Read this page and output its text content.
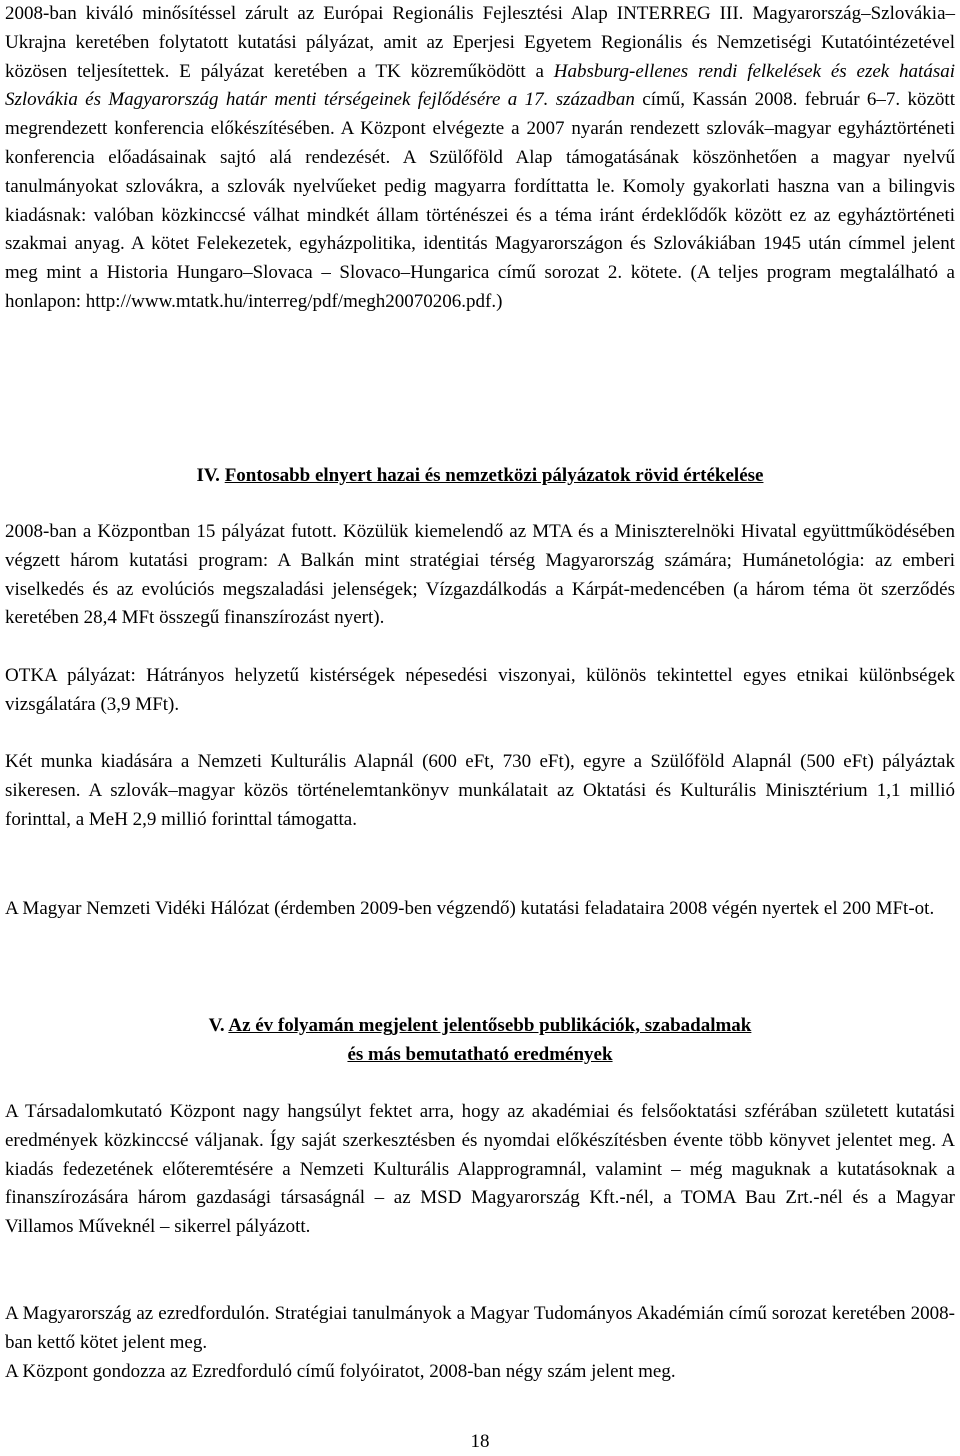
2008-ban kiváló minősítéssel zárult az Európai Regionális Fejlesztési Alap INTERREG III. Magyarország–Szlovákia–Ukrajna keretében folytatott kutatási pályázat, amit az Eperjesi Egyetem Regionális és Nemzetiségi Kutatóintézetével közösen teljesítettek. E pályázat keretében a TK közreműködött a Habsburg-ellenes rendi felkelések és ezek hatásai Szlovákia és Magyarország határ menti térségeinek fejlődésére a 17. században című, Kassán 2008. február 6–7. között megrendezett konferencia előkészítésében. A Központ elvégezte a 2007 nyarán rendezett szlovák–magyar egyháztörténeti konferencia előadásainak sajtó alá rendezését. A Szülőföld Alap támogatásának köszönhetően a magyar nyelvű tanulmányokat szlovákra, a szlovák nyelvűeket pedig magyarra fordíttatta le. Komoly gyakorlati haszna van a bilingvis kiadásnak: valóban közkinccsé válhat mindkét állam történészei és a téma iránt érdeklődők között ez az egyháztörténeti szakmai anyag. A kötet Felekezetek, egyházpolitika, identitás Magyarországon és Szlovákiában 1945 után címmel jelent meg mint a Historia Hungaro–Slovaca – Slovaco–Hungarica című sorozat 2. kötete. (A teljes program megtalálható a honlapon: http://www.mtatk.hu/interreg/pdf/megh20070206.pdf.)

IV. Fontosabb elnyert hazai és nemzetközi pályázatok rövid értékelése

2008-ban a Központban 15 pályázat futott. Közülük kiemelendő az MTA és a Miniszterelnöki Hivatal együttműködésében végzett három kutatási program: A Balkán mint stratégiai térség Magyarország számára; Humánetológia: az emberi viselkedés és az evolúciós megszaladási jelenségek; Vízgazdálkodás a Kárpát-medencében (a három téma öt szerződés keretében 28,4 MFt összegű finanszírozást nyert).

OTKA pályázat: Hátrányos helyzetű kistérségek népesedési viszonyai, különös tekintettel egyes etnikai különbségek vizsgálatára (3,9 MFt).

Két munka kiadására a Nemzeti Kulturális Alapnál (600 eFt, 730 eFt), egyre a Szülőföld Alapnál (500 eFt) pályáztak sikeresen. A szlovák–magyar közös történelemtankönyv munkálatait az Oktatási és Kulturális Minisztérium 1,1 millió forinttal, a MeH 2,9 millió forinttal támogatta.

A Magyar Nemzeti Vidéki Hálózat (érdemben 2009-ben végzendő) kutatási feladataira 2008 végén nyertek el 200 MFt-ot.

V. Az év folyamán megjelent jelentősebb publikációk, szabadalmak
és más bemutatható eredmények

A Társadalomkutató Központ nagy hangsúlyt fektet arra, hogy az akadémiai és felsőoktatási szférában született kutatási eredmények közkinccsé váljanak. Így saját szerkesztésben és nyomdai előkészítésben évente több könyvet jelentet meg. A kiadás fedezetének előteremtésére a Nemzeti Kulturális Alapprogramnál, valamint – még maguknak a kutatásoknak a finanszírozására három gazdasági társaságnál – az MSD Magyarország Kft.-nél, a TOMA Bau Zrt.-nél és a Magyar Villamos Műveknél – sikerrel pályázott.

A Magyarország az ezredfordulón. Stratégiai tanulmányok a Magyar Tudományos Akadémián című sorozat keretében 2008-ban kettő kötet jelent meg.

A Központ gondozza az Ezredforduló című folyóiratot, 2008-ban négy szám jelent meg.

18
